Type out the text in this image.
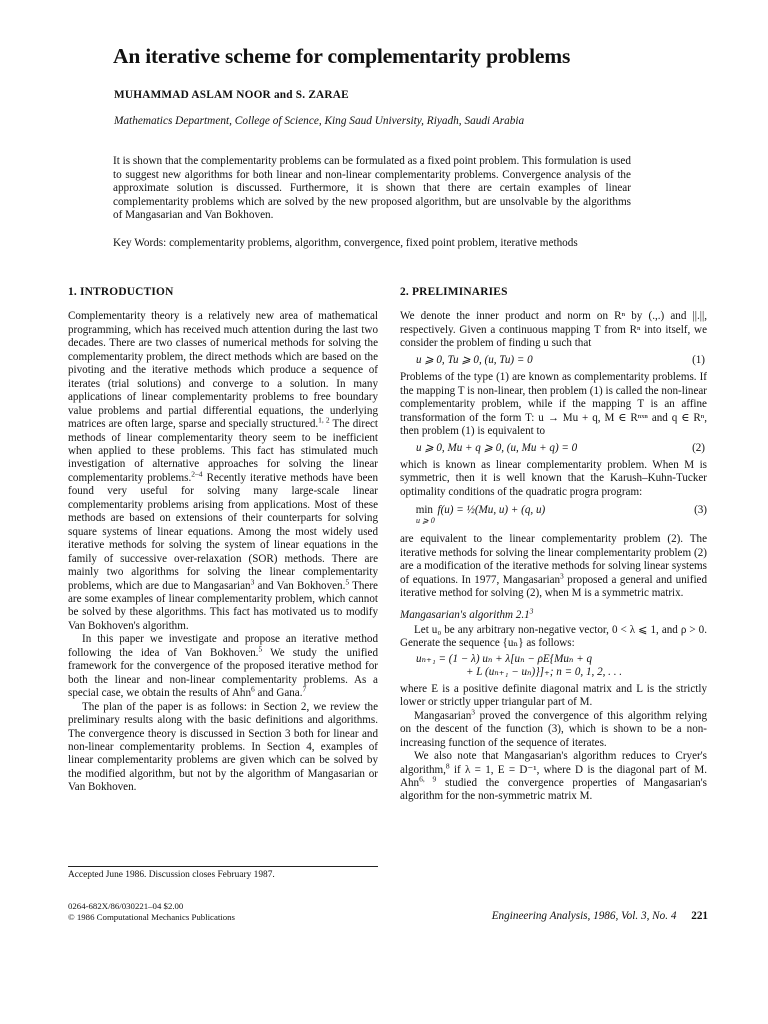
An iterative scheme for complementarity problems
MUHAMMAD ASLAM NOOR and S. ZARAE
Mathematics Department, College of Science, King Saud University, Riyadh, Saudi Arabia

It is shown that the complementarity problems can be formulated as a fixed point problem. This formulation is used to suggest new algorithms for both linear and non-linear complementarity problems. Convergence analysis of the approximate solution is discussed. Furthermore, it is shown that there are certain examples of linear complementarity problems which are solved by the new proposed algorithm, but are unsolvable by the algorithms of Mangasarian and Van Bokhoven.

Key Words: complementarity problems, algorithm, convergence, fixed point problem, iterative methods

1. INTRODUCTION

Complementarity theory is a relatively new area of mathematical programming, which has received much attention during the last two decades. There are two classes of numerical methods for solving the complementarity problem, the direct methods which are based on the pivoting and the iterative methods which produce a sequence of iterates (trial solutions) and converge to a solution. In many applications of linear complementarity problems to free boundary value problems and partial differential equations, the underlying matrices are often large, sparse and specially structured.$^{1, 2}$ The direct methods of linear complementarity theory seem to be inefficient when applied to these problems. This fact has stimulated much investigation of alternative approaches for solving the linear complementarity problems.$^{2-4}$ Recently iterative methods have been found very useful for solving many large-scale linear complementarity problems arising from applications. Most of these methods are based on extensions of their counterparts for solving square systems of linear equations. Among the most widely used iterative methods for solving the system of linear equations in the family of successive over-relaxation (SOR) methods. There are mainly two algorithms for solving the linear complementarity problems, which are due to Mangasarian$^3$ and Van Bokhoven.$^5$ There are some examples of linear complementarity problem, which cannot be solved by these algorithms. This fact has motivated us to modify Van Bokhoven's algorithm.

In this paper we investigate and propose an iterative method following the idea of Van Bokhoven.$^5$ We study the unified framework for the convergence of the proposed iterative method for both the linear and non-linear complementarity problems. As a special case, we obtain the results of Ahn$^6$ and Gana.$^7$

The plan of the paper is as follows: in Section 2, we review the preliminary results along with the basic definitions and algorithms. The convergence theory is discussed in Section 3 both for linear and non-linear complementarity problems. In Section 4, examples of linear complementarity problems are given which can be solved by the modified algorithm, but not by the algorithm of Mangasarian or Van Bokhoven.

2. PRELIMINARIES

We denote the inner product and norm on Rⁿ by (.,.) and ||.||, respectively. Given a continuous mapping T from Rⁿ into itself, we consider the problem of finding u such that

u ⩾ 0, Tu ⩾ 0, (u, Tu) = 0	(1)

Problems of the type (1) are known as complementarity problems. If the mapping T is non-linear, then problem (1) is called the non-linear complementarity problem, while if the mapping T is an affine transformation of the form T: u → Mu + q, M ∈ Rⁿˣⁿ and q ∈ Rⁿ, then problem (1) is equivalent to

u ⩾ 0, Mu + q ⩾ 0, (u, Mu + q) = 0	(2)

which is known as linear complementarity problem. When M is symmetric, then it is well known that the Karush–Kuhn-Tucker optimality conditions of the quadratic progra program:

min
u ⩾ 0
f(u) = ½(Mu, u) + (q, u)	(3)

are equivalent to the linear complementarity problem (2). The iterative methods for solving the linear complementarity problem (2) are a modification of the iterative methods for solving linear systems of equations. In 1977, Mangasarian$^3$ proposed a general and unified iterative method for solving (2), when M is a symmetric matrix.

Mangasarian's algorithm $2.1^3$

Let u₀ be any arbitrary non-negative vector, 0 < λ ⩽ 1, and ρ > 0. Generate the sequence {uₙ} as follows:

uₙ₊₁ = (1 − λ) uₙ + λ[uₙ − ρE{Muₙ + q
+ L (uₙ₊₁ − uₙ)}]₊; n = 0, 1, 2, . . .

where E is a positive definite diagonal matrix and L is the strictly lower or strictly upper triangular part of M.

Mangasarian$^3$ proved the convergence of this algorithm relying on the descent of the function (3), which is shown to be a non-increasing function of the sequence of iterates.

We also note that Mangasarian's algorithm reduces to Cryer's algorithm,$^8$ if λ = 1, E = D⁻¹, where D is the diagonal part of M. Ahn$^{6, 9}$ studied the convergence properties of Mangasarian's algorithm for the non-symmetric matrix M.

Accepted June 1986. Discussion closes February 1987.
0264-682X/86/030221–04 $2.00
© 1986 Computational Mechanics Publications	Engineering Analysis, 1986, Vol. 3, No. 4 221
